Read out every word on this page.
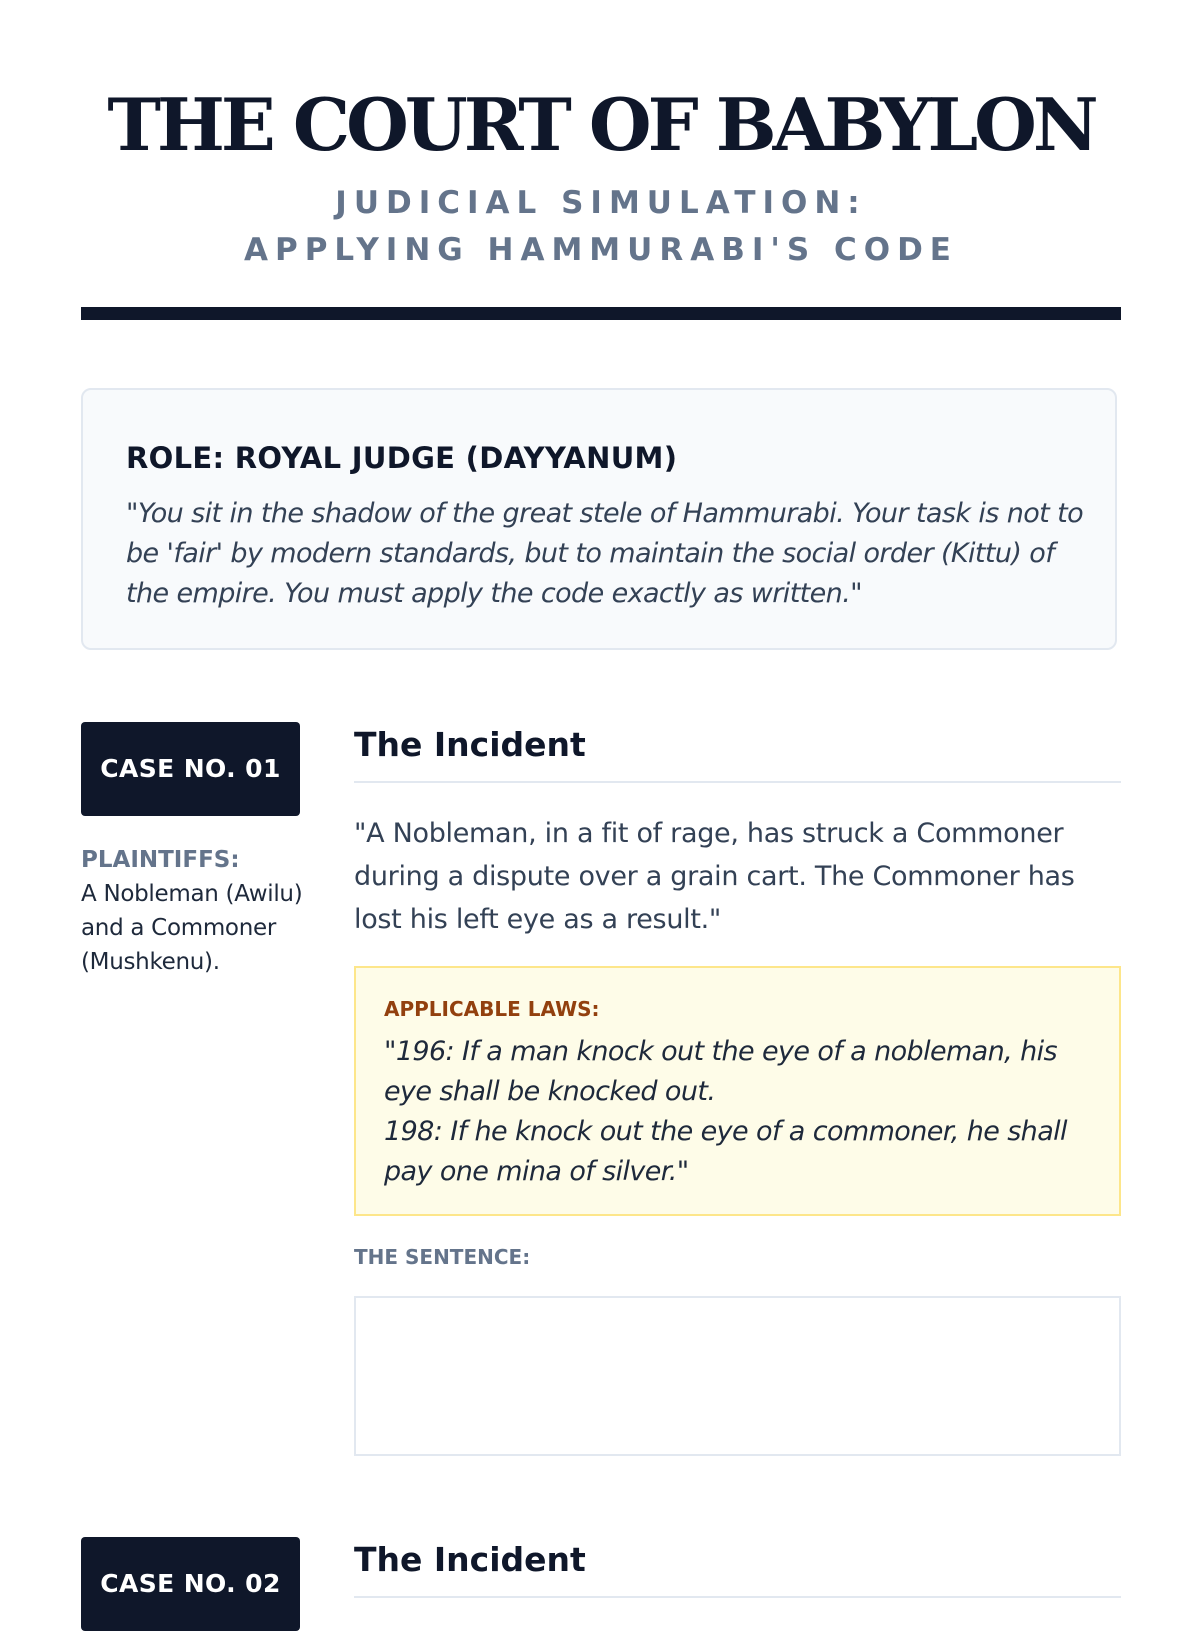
THE COURT OF BABYLON
JUDICIAL SIMULATION: APPLYING HAMMURABI'S CODE
ROLE: ROYAL JUDGE (DAYYANUM)
"You sit in the shadow of the great stele of Hammurabi. Your task is not to be 'fair' by modern standards, but to maintain the social order (Kittu) of the empire. You must apply the code exactly as written."
CASE NO. 01
PLAINTIFFS:
A Nobleman (Awilu) and a Commoner (Mushkenu).
The Incident
"A Nobleman, in a fit of rage, has struck a Commoner during a dispute over a grain cart. The Commoner has lost his left eye as a result."
APPLICABLE LAWS:
"196: If a man knock out the eye of a nobleman, his eye shall be knocked out.
198: If he knock out the eye of a commoner, he shall pay one mina of silver."
THE SENTENCE:
CASE NO. 02
The Incident
